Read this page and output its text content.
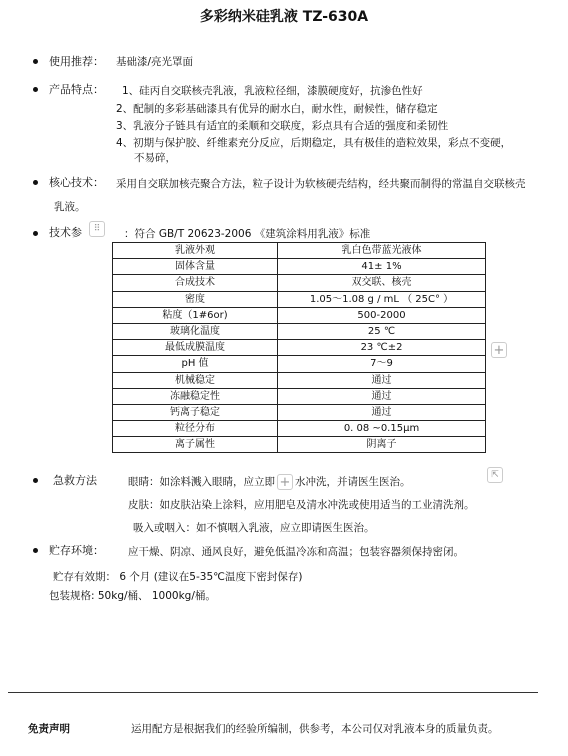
多彩纳米硅乳液 TZ-630A
使用推荐： 基础漆/亮光罩面
产品特点： 1、硅丙自交联核壳乳液，乳液粒径细，漆膜硬度好，抗渗色性好
2、配制的多彩基础漆具有优异的耐水白，耐水性，耐候性，储存稳定
3、乳液分子链具有适宜的柔顺和交联度，彩点具有合适的强度和柔韧性
4、初期与保护胶、纤维素充分反应，后期稳定，具有极佳的造粒效果，彩点不变硬，
不易碎，
核心技术： 采用自交联加核壳聚合方法，粒子设计为软核硬壳结构，经共聚而制得的常温自交联核壳
乳液。
技术参	⠿	：符合 GB/T 20623-2006 《建筑涂料用乳液》标准
乳液外观	乳白色带蓝光液体
固体含量	41± 1%
合成技术	双交联、核壳
密度	1.05～1.08 g / mL （ 25C° ）
粘度（1#6or)	500-2000
玻璃化温度	25 ℃
最低成膜温度	23 ℃±2
pH 值	7～9
机械稳定	通过
冻融稳定性	通过
钙离子稳定	通过
粒径分布	0. 08 ~0.15μm
离子属性	阴离子
+
急救方法	眼睛：如涂料溅入眼睛，应立即 + 水冲洗，并请医生医治。
⇱
皮肤：如皮肤沾染上涂料，应用肥皂及清水冲洗或使用适当的工业清洗剂。
吸入或咽入：如不慎咽入乳液，应立即请医生医治。
贮存环境： 应干燥、阴凉、通风良好，避免低温冷冻和高温；包装容器须保持密闭。
贮存有效期： 6 个月 (建议在5-35℃温度下密封保存)
包装规格: 50kg/桶、 1000kg/桶。
免责声明	运用配方是根据我们的经验所编制，供参考，本公司仅对乳液本身的质量负责。
